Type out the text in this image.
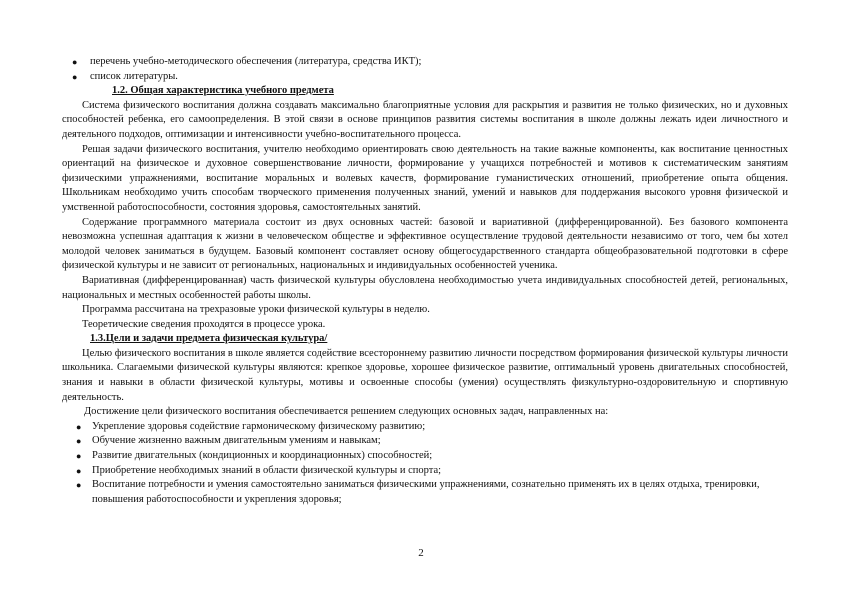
● перечень учебно-методического обеспечения (литература, средства ИКТ);
● список литературы.
1.2. Общая характеристика учебного предмета

Система физического воспитания должна создавать максимально благоприятные условия для раскрытия и развития не только физических, но и духовных способностей ребенка, его самоопределения. В этой связи в основе принципов развития системы воспитания в школе должны лежать идеи личностного и деятельного подходов, оптимизации и интенсивности учебно-воспитательного процесса.

Решая задачи физического воспитания, учителю необходимо ориентировать свою деятельность на такие важные компоненты, как воспитание ценностных ориентаций на физическое и духовное совершенствование личности, формирование у учащихся потребностей и мотивов к систематическим занятиям физическими упражнениями, воспитание моральных и волевых качеств, формирование гуманистических отношений, приобретение опыта общения. Школьникам необходимо учить способам творческого применения полученных знаний, умений и навыков для поддержания высокого уровня физической и умственной работоспособности, состояния здоровья, самостоятельных занятий.

Содержание программного материала состоит из двух основных частей: базовой и вариативной (дифференцированной). Без базового компонента невозможна успешная адаптация к жизни в человеческом обществе и эффективное осуществление трудовой деятельности независимо от того, чем бы хотел молодой человек заниматься в будущем. Базовый компонент составляет основу общегосударственного стандарта общеобразовательной подготовки в сфере физической культуры и не зависит от региональных, национальных и индивидуальных особенностей ученика.

Вариативная (дифференцированная) часть физической культуры обусловлена необходимостью учета индивидуальных способностей детей, региональных, национальных и местных особенностей работы школы.

Программа рассчитана на трехразовые уроки физической культуры в неделю.

Теоретические сведения проходятся в процессе урока.

1.3.Цели и задачи предмета физическая культура/

Целью физического воспитания в школе является содействие всестороннему развитию личности посредством формирования физической культуры личности школьника. Слагаемыми физической культуры являются: крепкое здоровье, хорошее физическое развитие, оптимальный уровень двигательных способностей, знания и навыки в области физической культуры, мотивы и освоенные способы (умения) осуществлять физкультурно-оздоровительную и спортивную деятельность.

Достижение цели физического воспитания обеспечивается решением следующих основных задач, направленных на:

● Укрепление здоровья содействие гармоническому физическому развитию;
● Обучение жизненно важным двигательным умениям и навыкам;
● Развитие двигательных (кондиционных и координационных) способностей;
● Приобретение необходимых знаний в области физической культуры и спорта;
● Воспитание потребности и умения самостоятельно заниматься физическими упражнениями, сознательно применять их в целях отдыха, тренировки, повышения работоспособности и укрепления здоровья;
2
